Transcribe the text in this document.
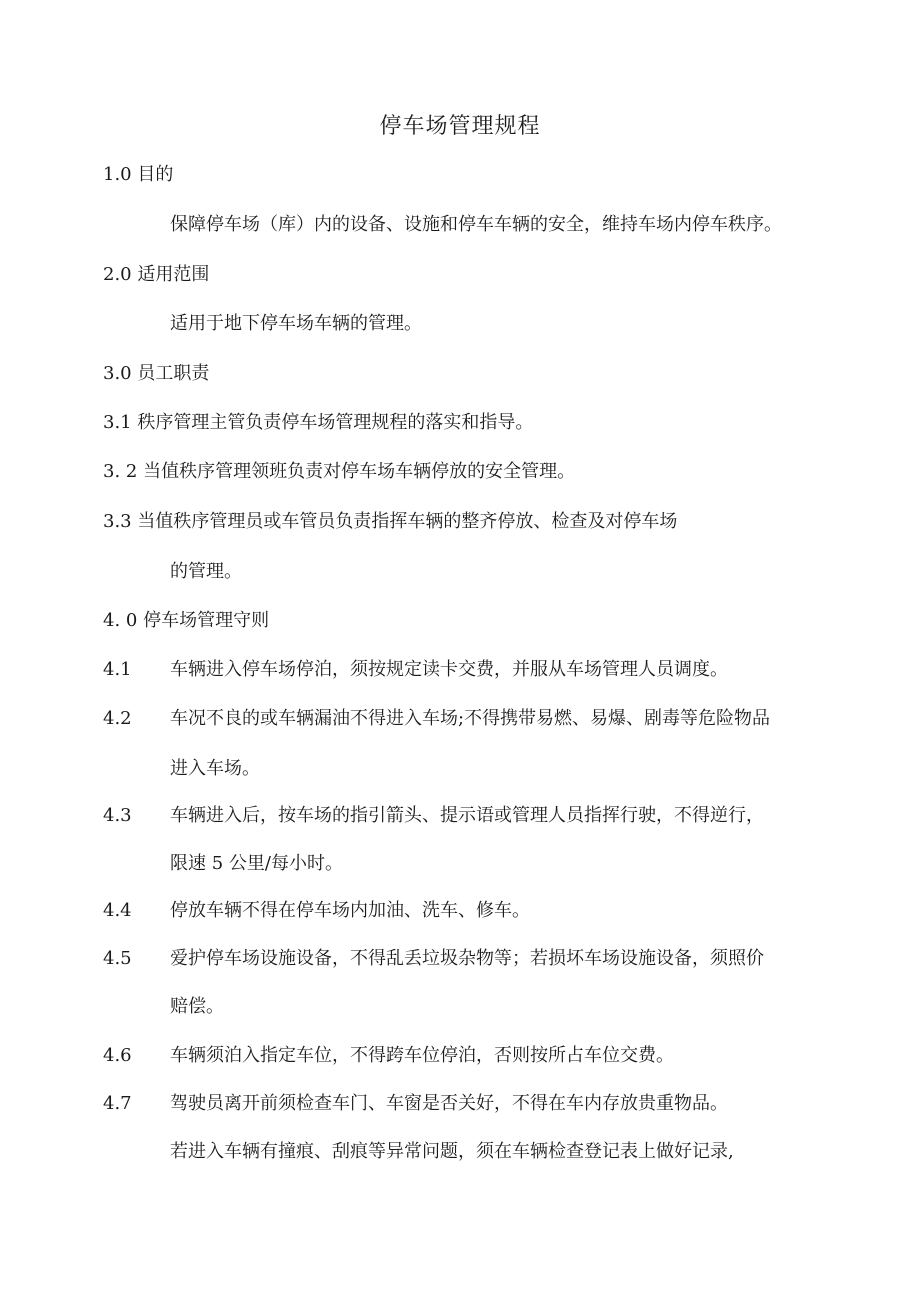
停车场管理规程
1.0 目的
保障停车场（库）内的设备、设施和停车车辆的安全，维持车场内停车秩序。
2.0 适用范围
适用于地下停车场车辆的管理。
3.0 员工职责
3.1 秩序管理主管负责停车场管理规程的落实和指导。
3. 2 当值秩序管理领班负责对停车场车辆停放的安全管理。
3.3 当值秩序管理员或车管员负责指挥车辆的整齐停放、检查及对停车场
的管理。
4. 0 停车场管理守则
4.1 车辆进入停车场停泊，须按规定读卡交费，并服从车场管理人员调度。
4.2 车况不良的或车辆漏油不得进入车场;不得携带易燃、易爆、剧毒等危险物品
进入车场。
4.3 车辆进入后，按车场的指引箭头、提示语或管理人员指挥行驶，不得逆行，
限速 5 公里/每小时。
4.4 停放车辆不得在停车场内加油、洗车、修车。
4.5 爱护停车场设施设备，不得乱丢垃圾杂物等；若损坏车场设施设备，须照价
赔偿。
4.6 车辆须泊入指定车位，不得跨车位停泊，否则按所占车位交费。
4.7 驾驶员离开前须检查车门、车窗是否关好，不得在车内存放贵重物品。
若进入车辆有撞痕、刮痕等异常问题，须在车辆检查登记表上做好记录,
